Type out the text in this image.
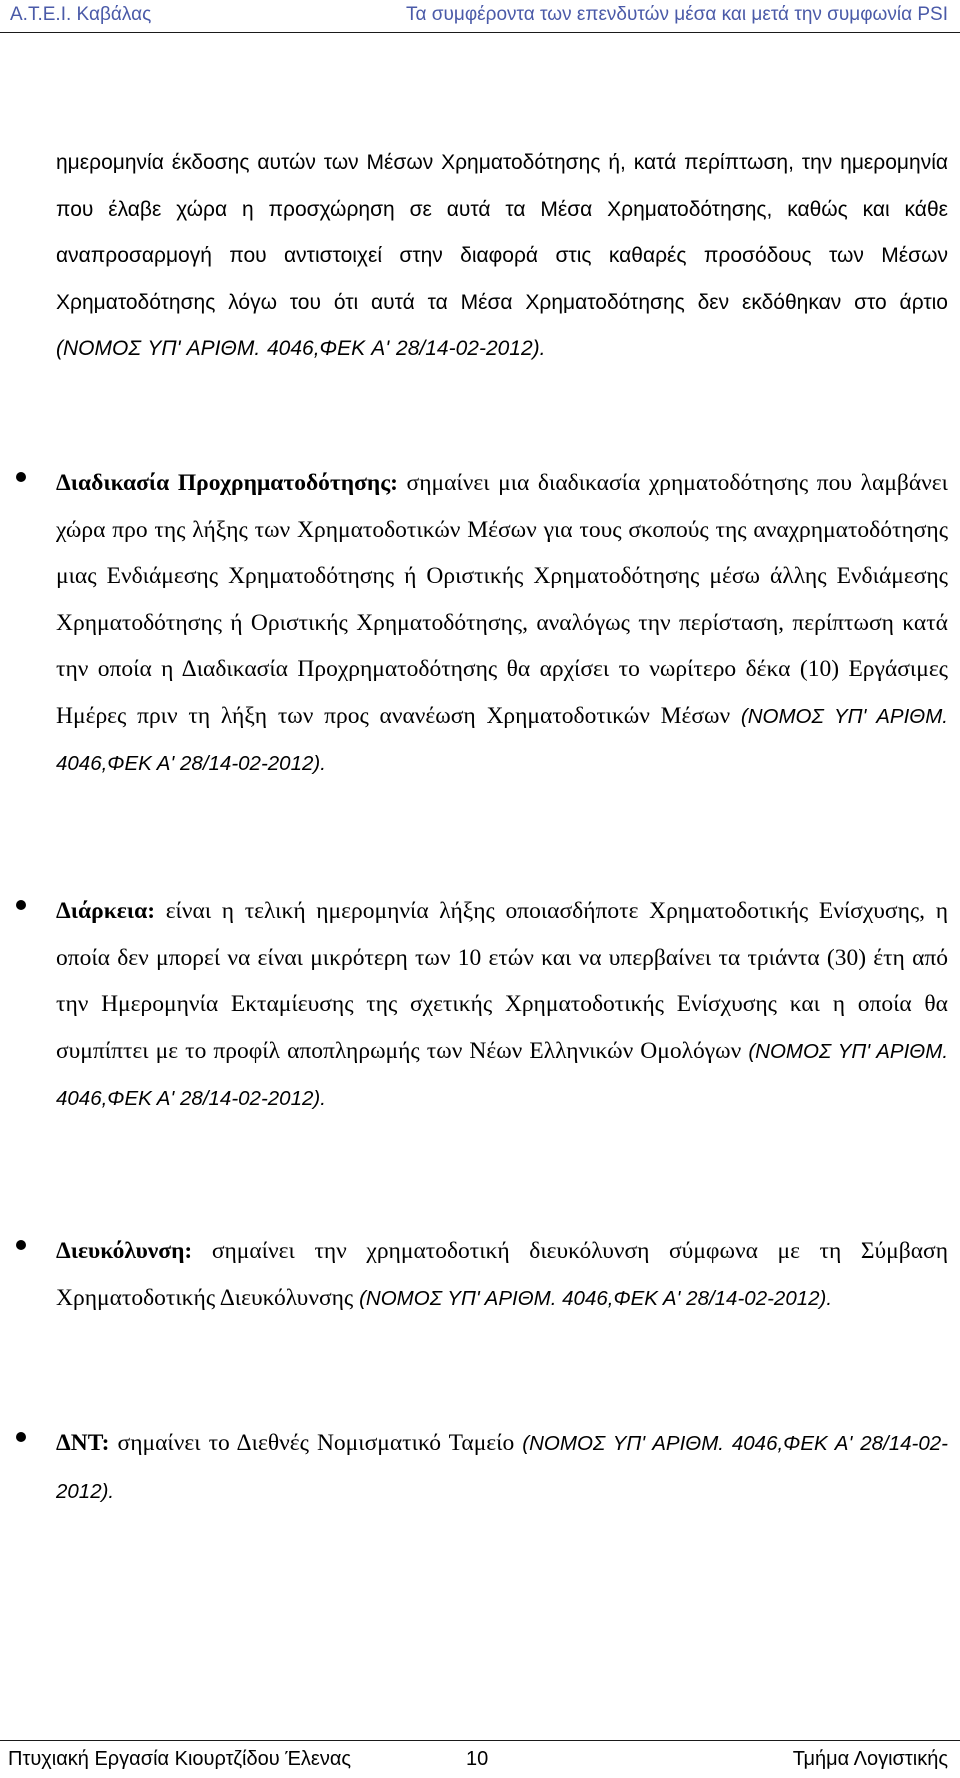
Α.Τ.Ε.Ι. Καβάλας	Τα συμφέροντα των επενδυτών μέσα και μετά την συμφωνία PSI
ημερομηνία έκδοσης αυτών των Μέσων Χρηματοδότησης ή, κατά περίπτωση, την ημερομηνία που έλαβε χώρα η προσχώρηση σε αυτά τα Μέσα Χρηματοδότησης, καθώς και κάθε αναπροσαρμογή που αντιστοιχεί στην διαφορά στις καθαρές προσόδους των Μέσων Χρηματοδότησης λόγω του ότι αυτά τα Μέσα Χρηματοδότησης δεν εκδόθηκαν στο άρτιο (ΝΟΜΟΣ ΥΠ' ΑΡΙΘΜ. 4046,ΦΕΚ Α' 28/14-02-2012).
Διαδικασία Προχρηματοδότησης: σημαίνει μια διαδικασία χρηματοδότησης που λαμβάνει χώρα προ της λήξης των Χρηματοδοτικών Μέσων για τους σκοπούς της αναχρηματοδότησης μιας Ενδιάμεσης Χρηματοδότησης ή Οριστικής Χρηματοδότησης μέσω άλλης Ενδιάμεσης Χρηματοδότησης ή Οριστικής Χρηματοδότησης, αναλόγως την περίσταση, περίπτωση κατά την οποία η Διαδικασία Προχρηματοδότησης θα αρχίσει το νωρίτερο δέκα (10) Εργάσιμες Ημέρες πριν τη λήξη των προς ανανέωση Χρηματοδοτικών Μέσων (ΝΟΜΟΣ ΥΠ' ΑΡΙΘΜ. 4046,ΦΕΚ Α' 28/14-02-2012).
Διάρκεια: είναι η τελική ημερομηνία λήξης οποιασδήποτε Χρηματοδοτικής Ενίσχυσης, η οποία δεν μπορεί να είναι μικρότερη των 10 ετών και να υπερβαίνει τα τριάντα (30) έτη από την Ημερομηνία Εκταμίευσης της σχετικής Χρηματοδοτικής Ενίσχυσης και η οποία θα συμπίπτει με το προφίλ αποπληρωμής των Νέων Ελληνικών Ομολόγων (ΝΟΜΟΣ ΥΠ' ΑΡΙΘΜ. 4046,ΦΕΚ Α' 28/14-02-2012).
Διευκόλυνση: σημαίνει την χρηματοδοτική διευκόλυνση σύμφωνα με τη Σύμβαση Χρηματοδοτικής Διευκόλυνσης (ΝΟΜΟΣ ΥΠ' ΑΡΙΘΜ. 4046,ΦΕΚ Α' 28/14-02-2012).
ΔΝΤ: σημαίνει το Διεθνές Νομισματικό Ταμείο (ΝΟΜΟΣ ΥΠ' ΑΡΙΘΜ. 4046,ΦΕΚ Α' 28/14-02-2012).
Πτυχιακή Εργασία Κιουρτζίδου Έλενας	10	Τμήμα Λογιστικής
